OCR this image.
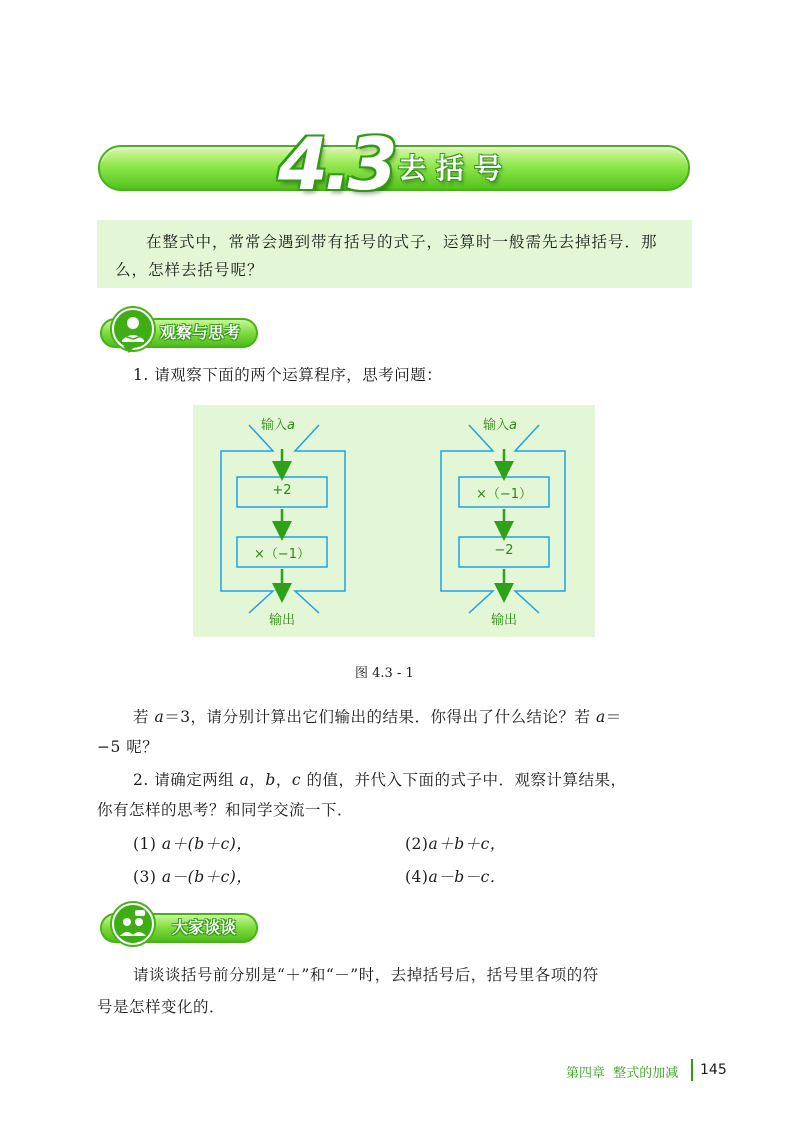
4.3 去括号

在整式中，常常会遇到带有括号的式子，运算时一般需先去掉括号．那么，怎样去括号呢？

观察与思考
1. 请观察下面的两个运算程序，思考问题：
输入a
+2
×（−1）
输出
输入a
×（−1）
−2
输出
图 4.3 - 1
若 a＝3，请分别计算出它们输出的结果．你得出了什么结论？若 a＝
−5 呢？
2. 请确定两组 a，b，c 的值，并代入下面的式子中．观察计算结果，
你有怎样的思考？和同学交流一下．
(1) a＋(b＋c)，	(2)a＋b＋c，
(3) a－(b＋c)，	(4)a－b－c．
大家谈谈
请谈谈括号前分别是“＋”和“－”时，去掉括号后，括号里各项的符
号是怎样变化的．
第四章 整式的加减 145
